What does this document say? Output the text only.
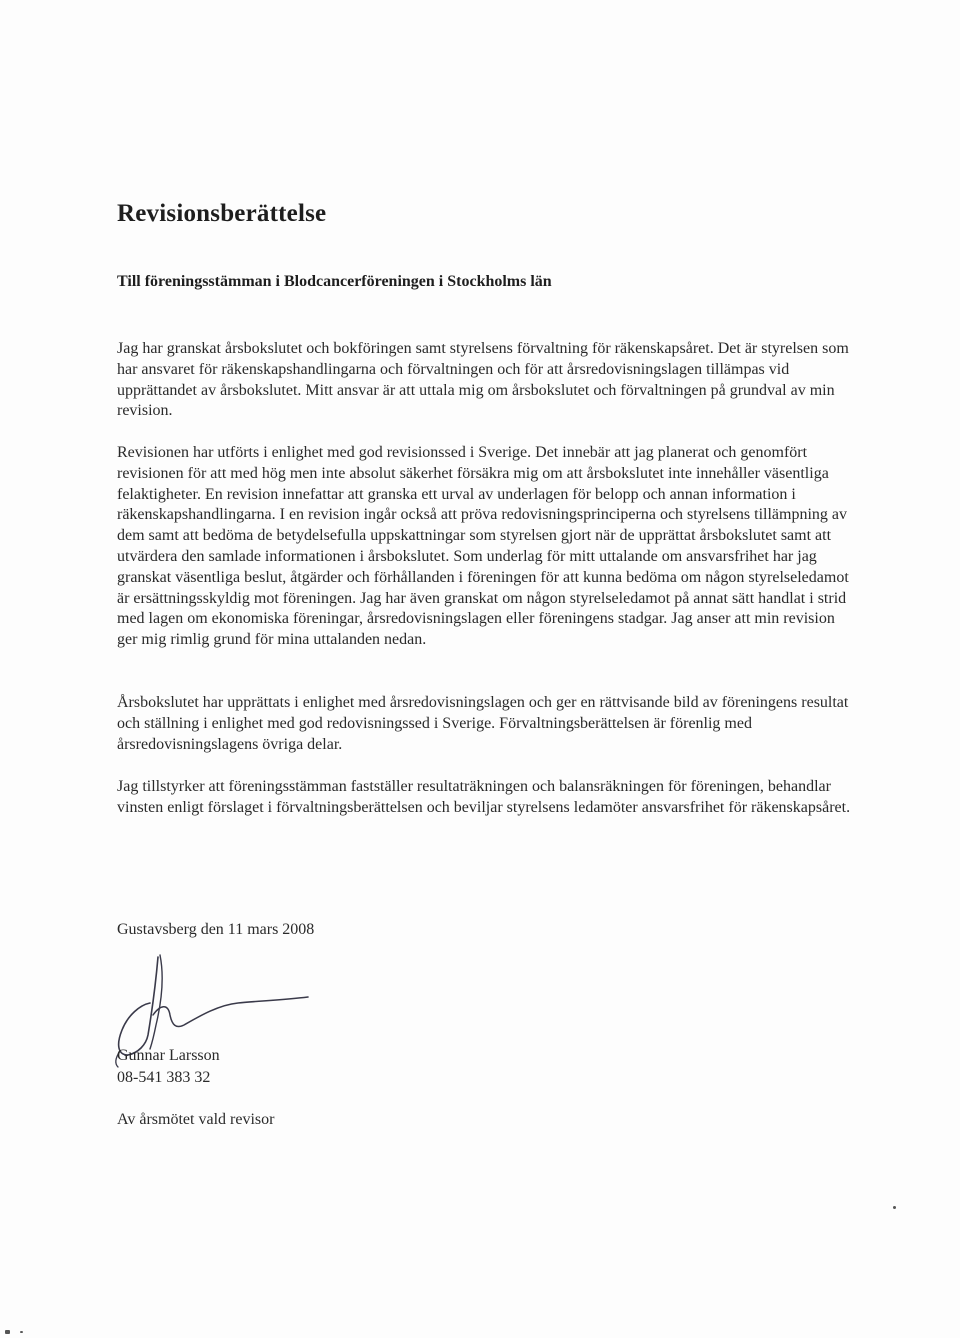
Revisionsberättelse

Till föreningsstämman i Blodcancerföreningen i Stockholms län

Jag har granskat årsbokslutet och bokföringen samt styrelsens förvaltning för räkenskapsåret. Det är styrelsen som har ansvaret för räkenskapshandlingarna och förvaltningen och för att årsredovisningslagen tillämpas vid upprättandet av årsbokslutet. Mitt ansvar är att uttala mig om årsbokslutet och förvaltningen på grundval av min revision.

Revisionen har utförts i enlighet med god revisionssed i Sverige. Det innebär att jag planerat och genomfört revisionen för att med hög men inte absolut säkerhet försäkra mig om att årsbokslutet inte innehåller väsentliga felaktigheter. En revision innefattar att granska ett urval av underlagen för belopp och annan information i räkenskapshandlingarna. I en revision ingår också att pröva redovisningsprinciperna och styrelsens tillämpning av dem samt att bedöma de betydelsefulla uppskattningar som styrelsen gjort när de upprättat årsbokslutet samt att utvärdera den samlade informationen i årsbokslutet. Som underlag för mitt uttalande om ansvarsfrihet har jag granskat väsentliga beslut, åtgärder och förhållanden i föreningen för att kunna bedöma om någon styrelseledamot är ersättningsskyldig mot föreningen. Jag har även granskat om någon styrelseledamot på annat sätt handlat i strid med lagen om ekonomiska föreningar, årsredovisningslagen eller föreningens stadgar. Jag anser att min revision ger mig rimlig grund för mina uttalanden nedan.

Årsbokslutet har upprättats i enlighet med årsredovisningslagen och ger en rättvisande bild av föreningens resultat och ställning i enlighet med god redovisningssed i Sverige. Förvaltningsberättelsen är förenlig med årsredovisningslagens övriga delar.

Jag tillstyrker att föreningsstämman fastställer resultaträkningen och balansräkningen för föreningen, behandlar vinsten enligt förslaget i förvaltningsberättelsen och beviljar styrelsens ledamöter ansvarsfrihet för räkenskapsåret.

Gustavsberg den 11 mars 2008

Gunnar Larsson

08-541 383 32

Av årsmötet vald revisor
